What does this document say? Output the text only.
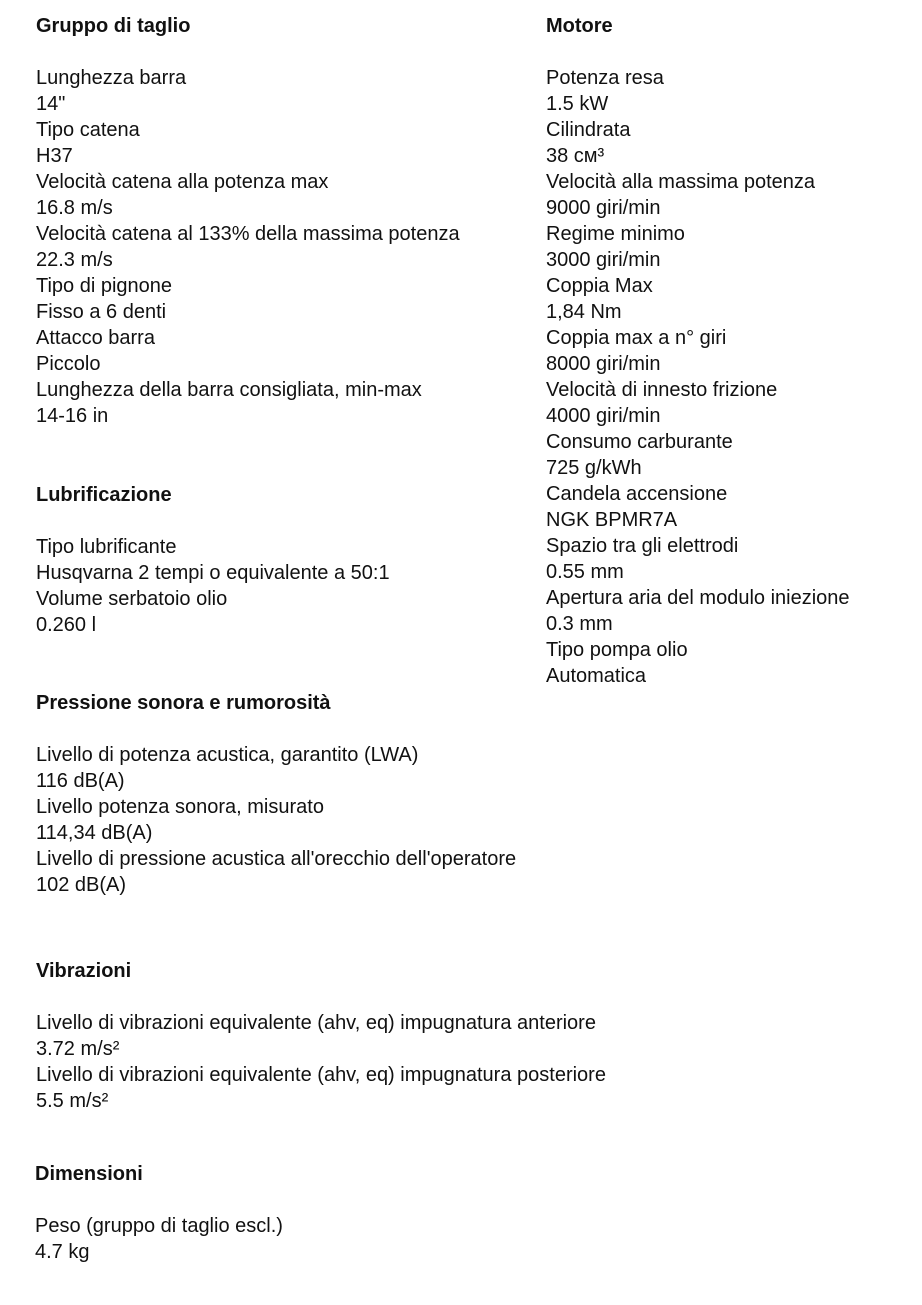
Gruppo di taglio
Lunghezza barra
14"
Tipo catena
H37
Velocità catena alla potenza max
16.8 m/s
Velocità catena al 133% della massima potenza
22.3 m/s
Tipo di pignone
Fisso a 6 denti
Attacco barra
Piccolo
Lunghezza della barra consigliata, min-max
14-16 in
Lubrificazione
Tipo lubrificante
Husqvarna 2 tempi o equivalente a 50:1
Volume serbatoio olio
0.260 l
Pressione sonora e rumorosità
Livello di potenza acustica, garantito (LWA)
116 dB(A)
Livello potenza sonora, misurato
114,34 dB(A)
Livello di pressione acustica all'orecchio dell'operatore
102 dB(A)
Vibrazioni
Livello di vibrazioni equivalente (ahv, eq) impugnatura anteriore
3.72 m/s²
Livello di vibrazioni equivalente (ahv, eq) impugnatura posteriore
5.5 m/s²
Dimensioni
Peso (gruppo di taglio escl.)
4.7 kg
Motore
Potenza resa
1.5 kW
Cilindrata
38 см³
Velocità alla massima potenza
9000 giri/min
Regime minimo
3000 giri/min
Coppia Max
1,84 Nm
Coppia max a n° giri
8000 giri/min
Velocità di innesto frizione
4000 giri/min
Consumo carburante
725 g/kWh
Candela accensione
NGK BPMR7A
Spazio tra gli elettrodi
0.55 mm
Apertura aria del modulo iniezione
0.3 mm
Tipo pompa olio
Automatica
